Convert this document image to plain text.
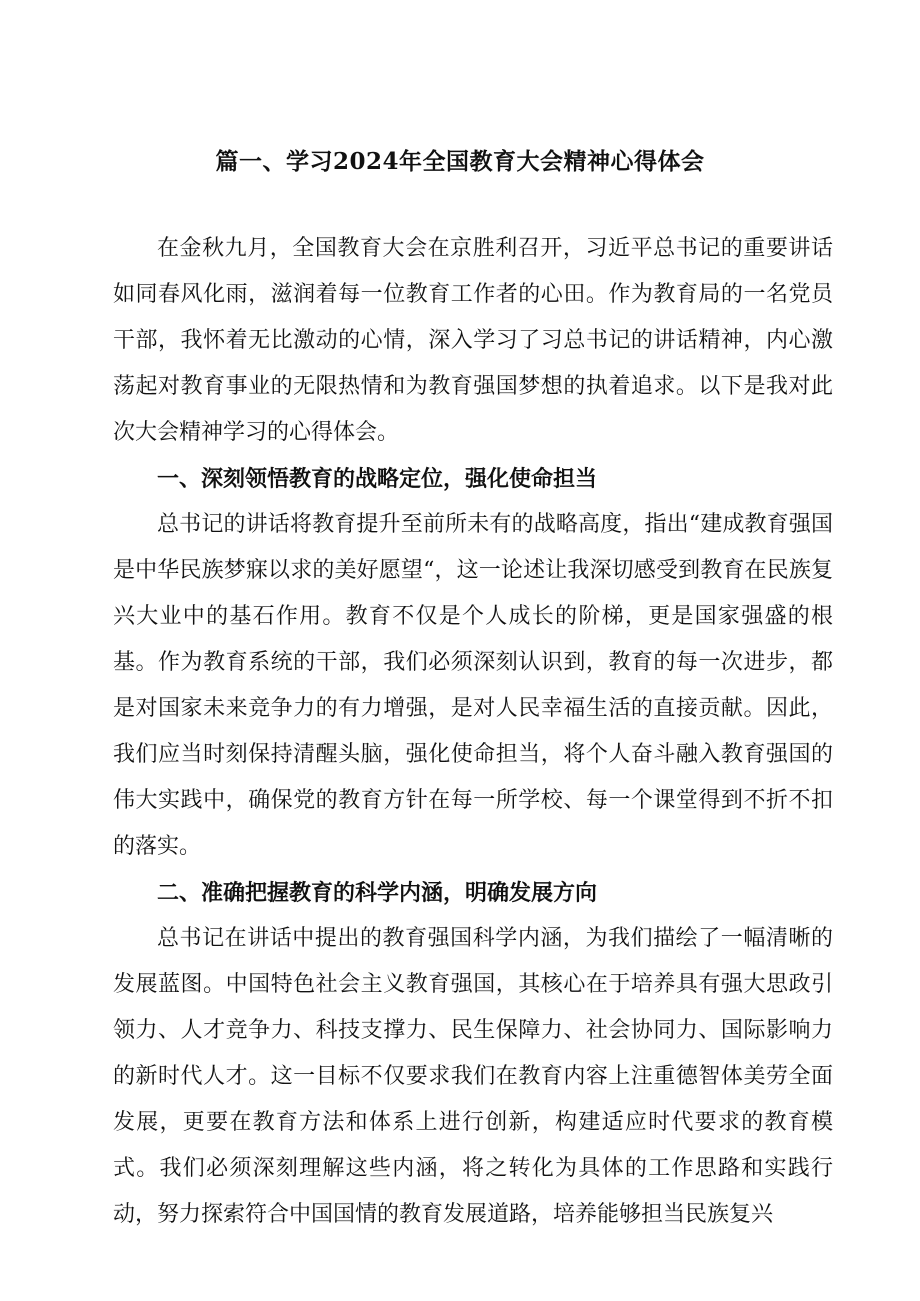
篇一、学习2024年全国教育大会精神心得体会

在金秋九月，全国教育大会在京胜利召开，习近平总书记的重要讲话如同春风化雨，滋润着每一位教育工作者的心田。作为教育局的一名党员干部，我怀着无比激动的心情，深入学习了习总书记的讲话精神，内心激荡起对教育事业的无限热情和为教育强国梦想的执着追求。以下是我对此次大会精神学习的心得体会。

一、深刻领悟教育的战略定位，强化使命担当

总书记的讲话将教育提升至前所未有的战略高度，指出“建成教育强国是中华民族梦寐以求的美好愿望“，这一论述让我深切感受到教育在民族复兴大业中的基石作用。教育不仅是个人成长的阶梯，更是国家强盛的根基。作为教育系统的干部，我们必须深刻认识到，教育的每一次进步，都是对国家未来竞争力的有力增强，是对人民幸福生活的直接贡献。因此，我们应当时刻保持清醒头脑，强化使命担当，将个人奋斗融入教育强国的伟大实践中，确保党的教育方针在每一所学校、每一个课堂得到不折不扣的落实。

二、准确把握教育的科学内涵，明确发展方向

总书记在讲话中提出的教育强国科学内涵，为我们描绘了一幅清晰的发展蓝图。中国特色社会主义教育强国，其核心在于培养具有强大思政引领力、人才竞争力、科技支撑力、民生保障力、社会协同力、国际影响力的新时代人才。这一目标不仅要求我们在教育内容上注重德智体美劳全面发展，更要在教育方法和体系上进行创新，构建适应时代要求的教育模式。我们必须深刻理解这些内涵，将之转化为具体的工作思路和实践行动，努力探索符合中国国情的教育发展道路，培养能够担当民族复兴
